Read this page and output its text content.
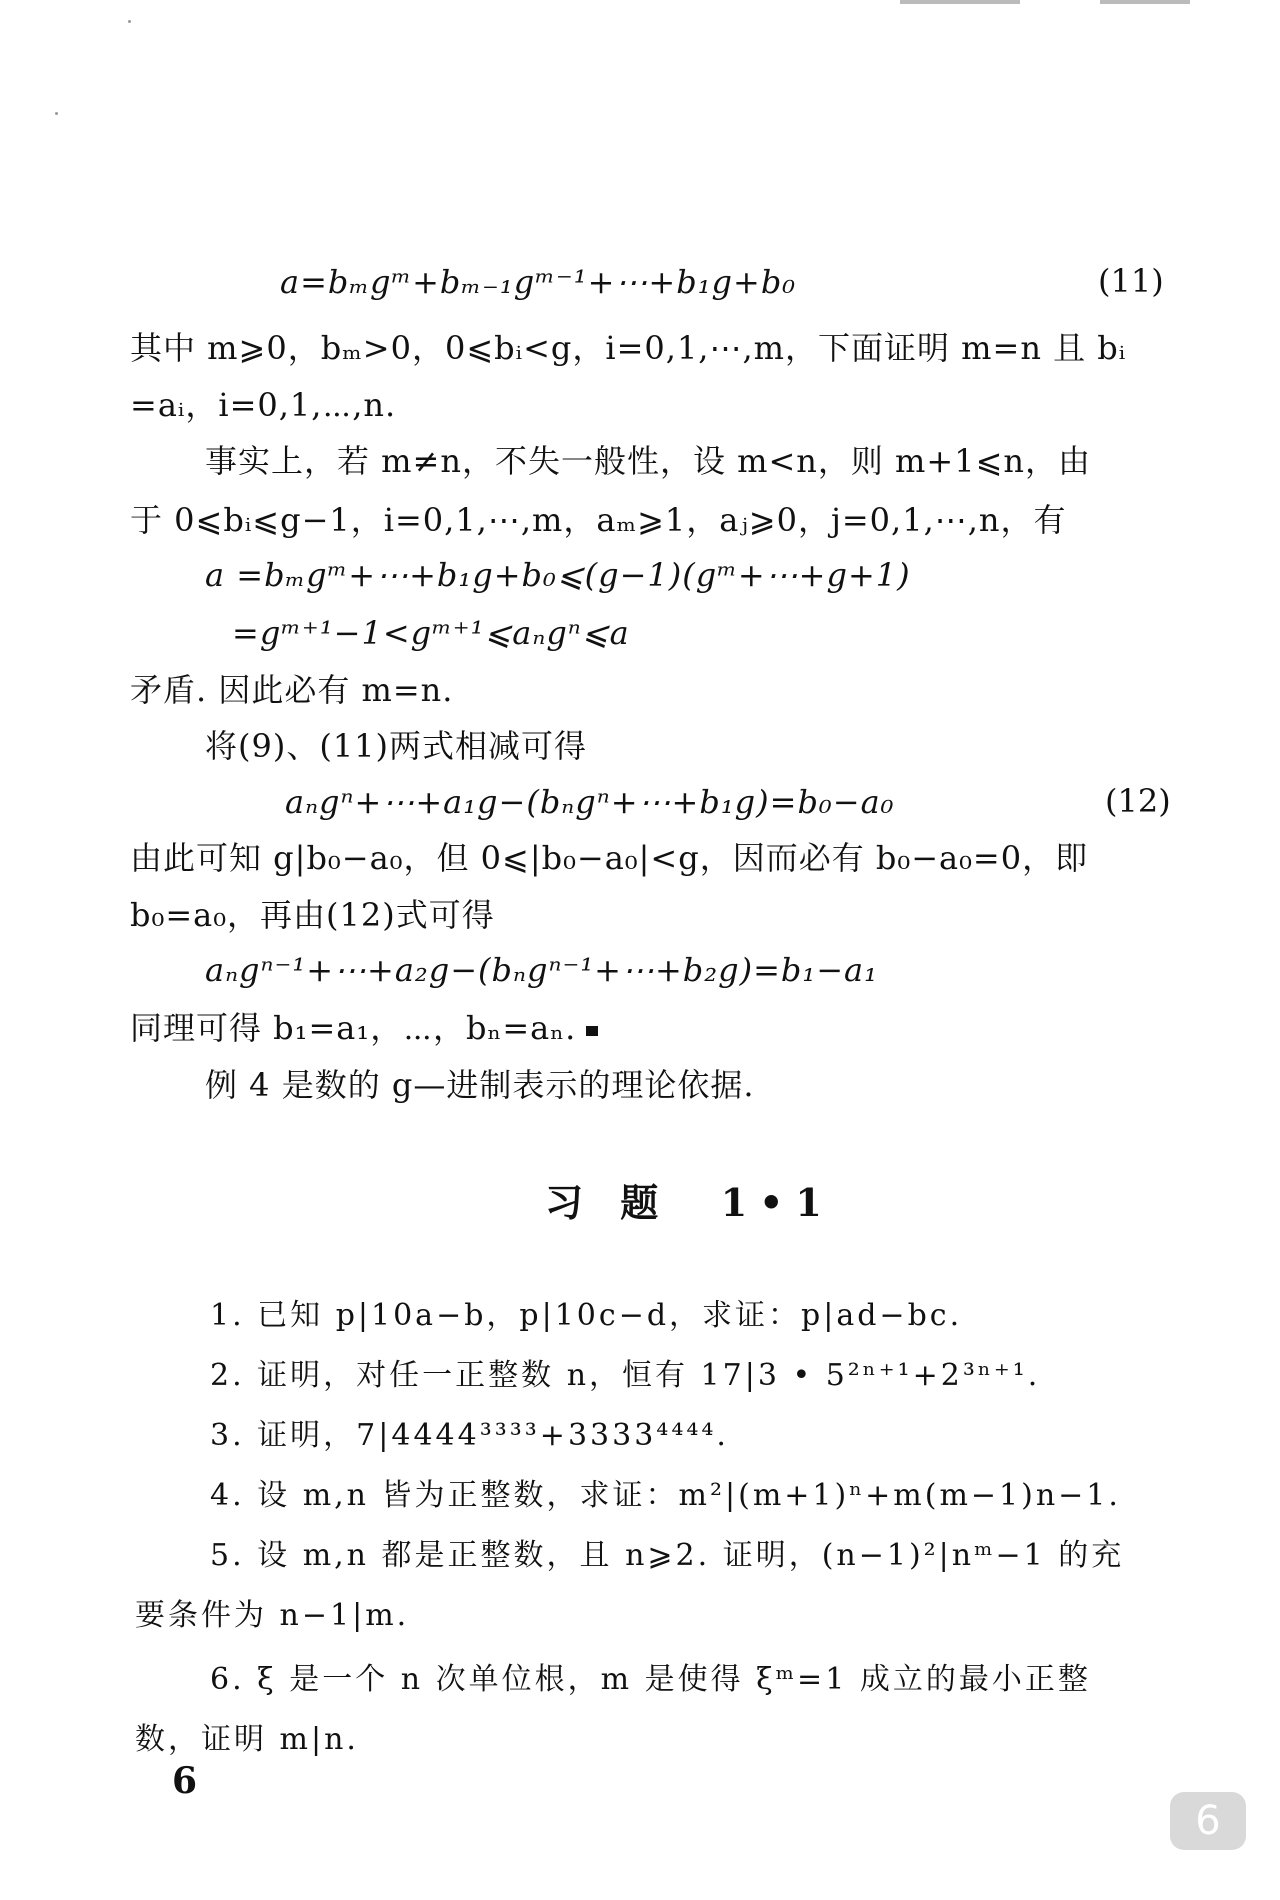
a=bₘgᵐ+bₘ₋₁gᵐ⁻¹+⋯+b₁g+b₀	(11)
其中 m⩾0，bₘ>0，0⩽bᵢ<g，i=0,1,⋯,m，下面证明 m=n 且 bᵢ
=aᵢ，i=0,1,⋯,n.
事实上，若 m≠n，不失一般性，设 m<n，则 m+1⩽n，由
于 0⩽bᵢ⩽g−1，i=0,1,⋯,m，aₘ⩾1，aⱼ⩾0，j=0,1,⋯,n，有
a =bₘgᵐ+⋯+b₁g+b₀⩽(g−1)(gᵐ+⋯+g+1)
=gᵐ⁺¹−1<gᵐ⁺¹⩽aₙgⁿ⩽a
矛盾. 因此必有 m=n.
将(9)、(11)两式相减可得
aₙgⁿ+⋯+a₁g−(bₙgⁿ+⋯+b₁g)=b₀−a₀	(12)
由此可知 g|b₀−a₀，但 0⩽|b₀−a₀|<g，因而必有 b₀−a₀=0，即
b₀=a₀，再由(12)式可得
aₙgⁿ⁻¹+⋯+a₂g−(bₙgⁿ⁻¹+⋯+b₂g)=b₁−a₁
同理可得 b₁=a₁，⋯，bₙ=aₙ.
例 4 是数的 g—进制表示的理论依据.
习 题 1•1
1. 已知 p|10a−b，p|10c−d，求证：p|ad−bc.
2. 证明，对任一正整数 n，恒有 17|3 • 5²ⁿ⁺¹+2³ⁿ⁺¹.
3. 证明，7|4444³³³³+3333⁴⁴⁴⁴.
4. 设 m,n 皆为正整数，求证：m²|(m+1)ⁿ+m(m−1)n−1.
5. 设 m,n 都是正整数，且 n⩾2. 证明，(n−1)²|nᵐ−1 的充
要条件为 n−1|m.
6. ξ 是一个 n 次单位根，m 是使得 ξᵐ=1 成立的最小正整
数，证明 m|n.
6
6
